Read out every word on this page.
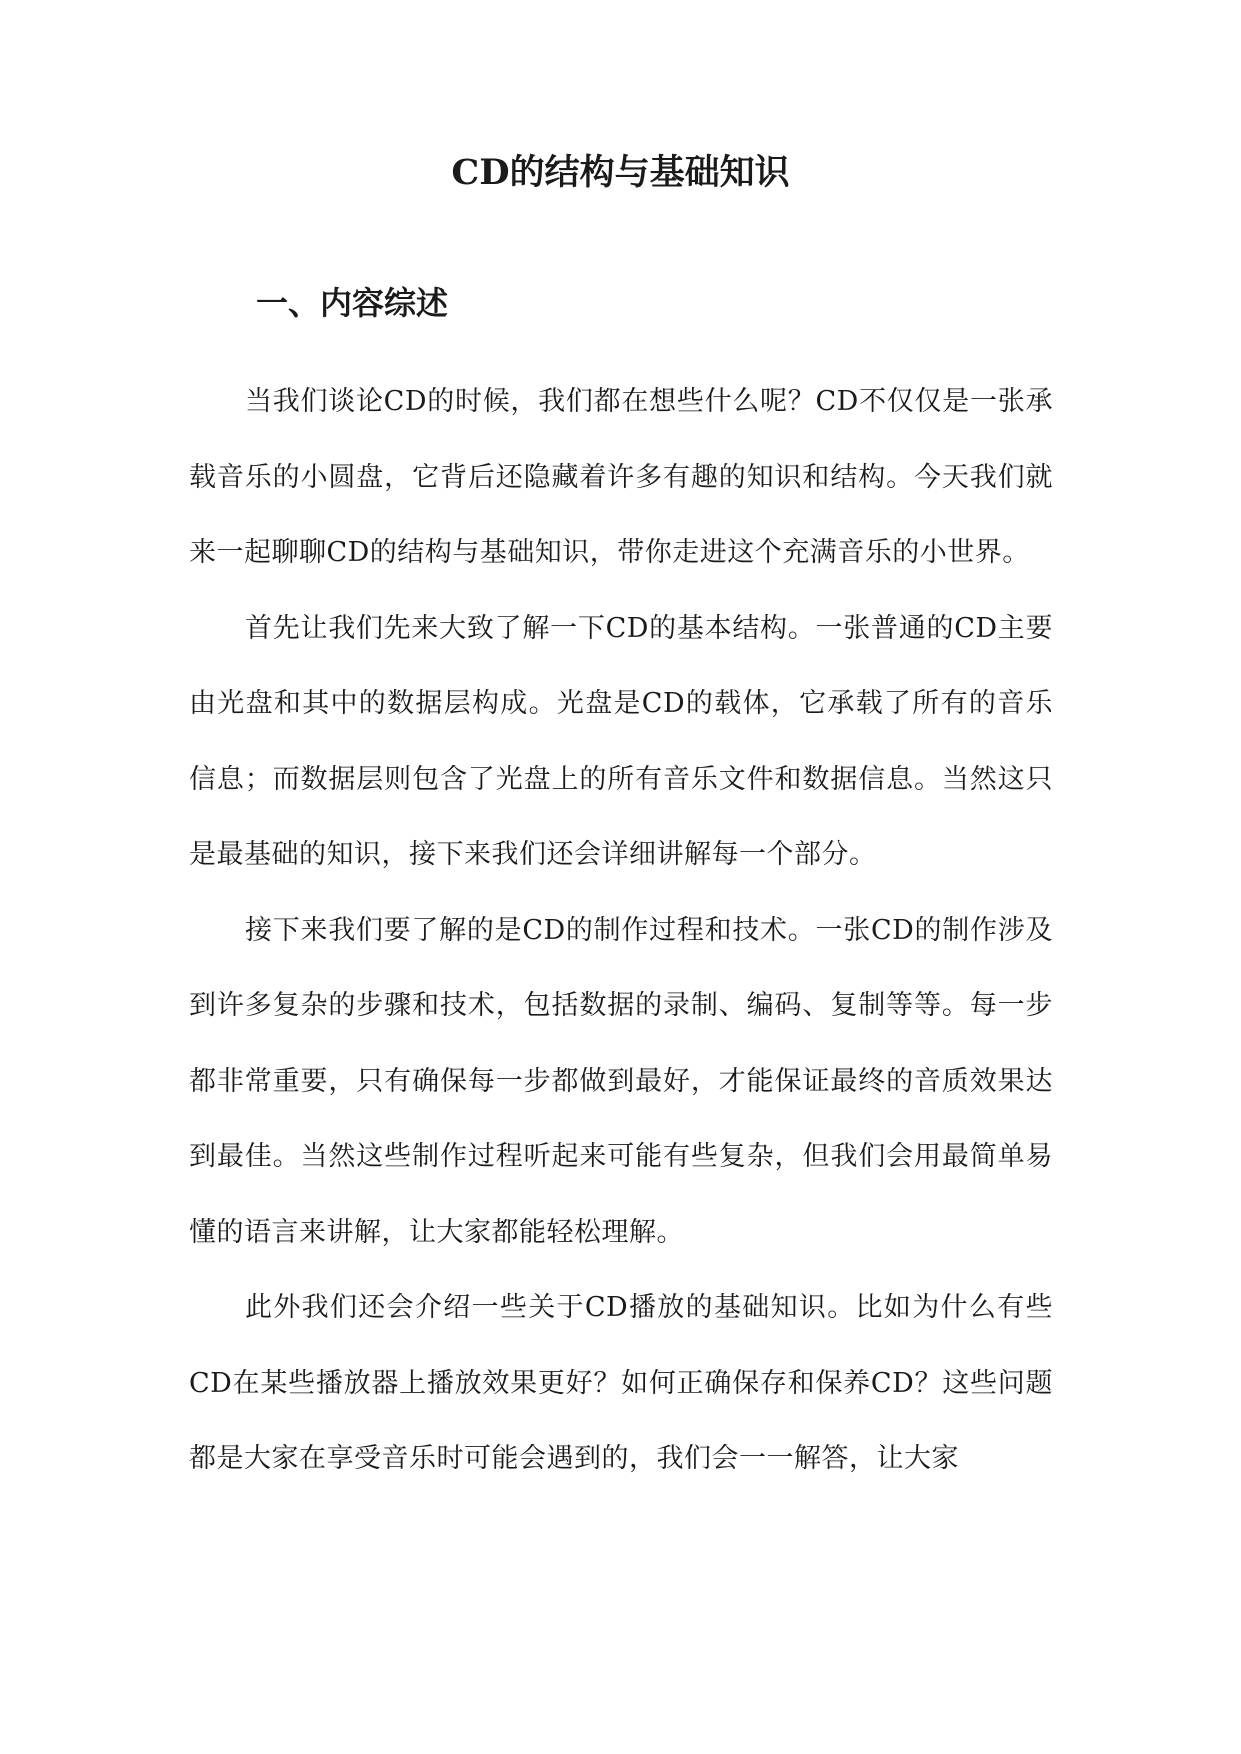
CD的结构与基础知识
一、内容综述

当我们谈论CD的时候，我们都在想些什么呢？CD不仅仅是一张承载音乐的小圆盘，它背后还隐藏着许多有趣的知识和结构。今天我们就来一起聊聊CD的结构与基础知识，带你走进这个充满音乐的小世界。

首先让我们先来大致了解一下CD的基本结构。一张普通的CD主要由光盘和其中的数据层构成。光盘是CD的载体，它承载了所有的音乐信息；而数据层则包含了光盘上的所有音乐文件和数据信息。当然这只是最基础的知识，接下来我们还会详细讲解每一个部分。

接下来我们要了解的是CD的制作过程和技术。一张CD的制作涉及到许多复杂的步骤和技术，包括数据的录制、编码、复制等等。每一步都非常重要，只有确保每一步都做到最好，才能保证最终的音质效果达到最佳。当然这些制作过程听起来可能有些复杂，但我们会用最简单易懂的语言来讲解，让大家都能轻松理解。

此外我们还会介绍一些关于CD播放的基础知识。比如为什么有些CD在某些播放器上播放效果更好？如何正确保存和保养CD？这些问题都是大家在享受音乐时可能会遇到的，我们会一一解答，让大家
